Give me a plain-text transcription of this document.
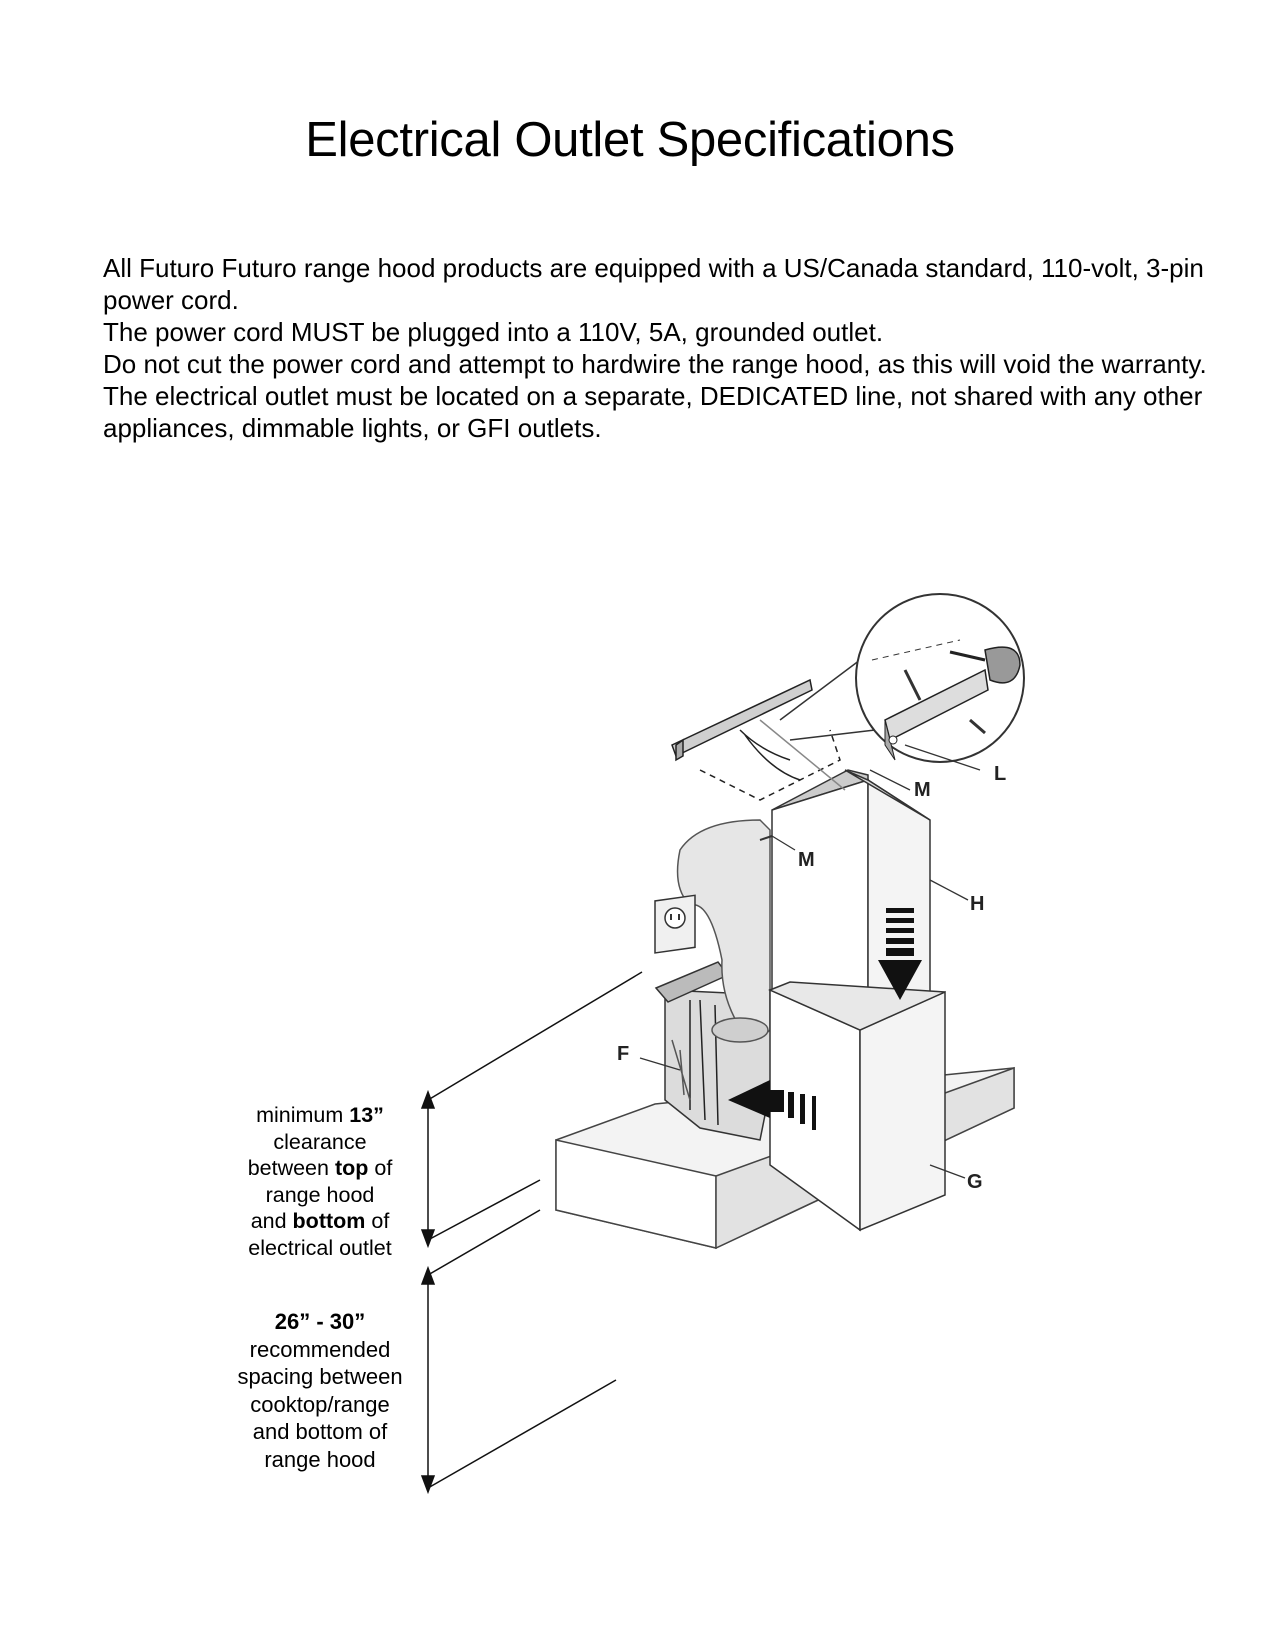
Electrical Outlet Specifications

All Futuro Futuro range hood products are equipped with a US/Canada standard, 110-volt, 3-pin power cord.

The power cord MUST be plugged into a 110V, 5A, grounded outlet.

Do not cut the power cord and attempt to hardwire the range hood, as this will void the warranty.

The electrical outlet must be located on a separate, DEDICATED line, not shared with any other appliances, dimmable lights, or GFI outlets.

L
M
M
H
F
G
minimum 13”
clearance
between top of
range hood
and bottom of
electrical outlet
26” - 30”
recommended
spacing between
cooktop/range
and bottom of
range hood
